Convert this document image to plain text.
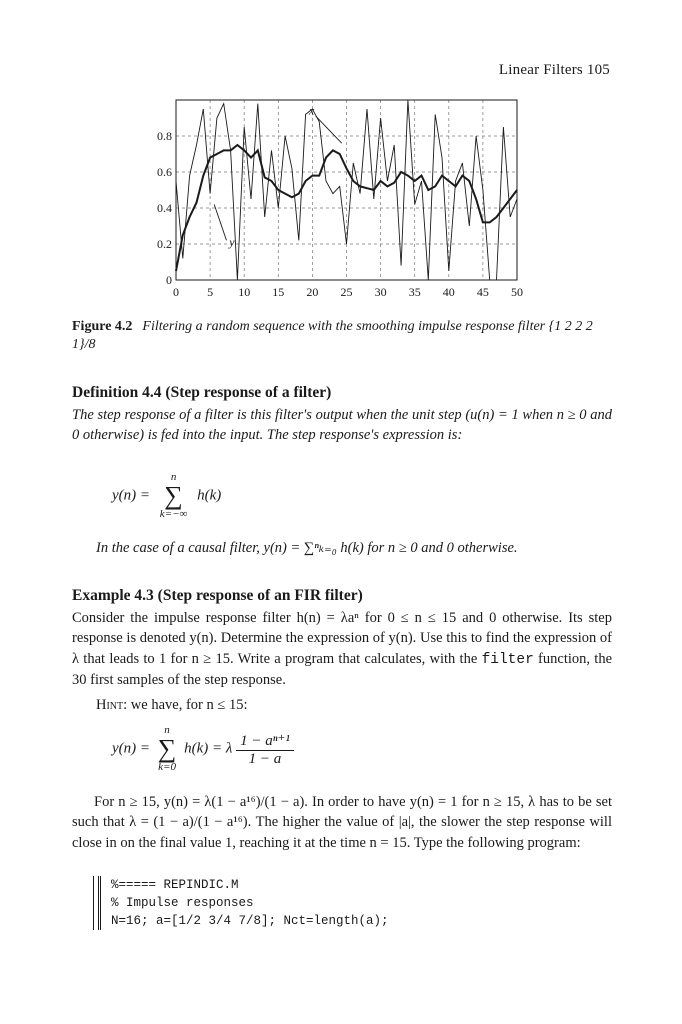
Linear Filters 105
0
0.2
0.4
0.6
0.8
0 5 10 15 20 25 30 35 40 45 50
x
y
Figure 4.2 Filtering a random sequence with the smoothing impulse response filter {1 2 2 2 1}/8
Definition 4.4 (Step response of a filter)
The step response of a filter is this filter's output when the unit step (u(n) = 1 when n ≥ 0 and 0 otherwise) is fed into the input. The step response's expression is:
y(n) =
n
∑
k=−∞
h(k)
In the case of a causal filter, y(n) = ∑ⁿₖ₌₀ h(k) for n ≥ 0 and 0 otherwise.
Example 4.3 (Step response of an FIR filter)
Consider the impulse response filter h(n) = λaⁿ for 0 ≤ n ≤ 15 and 0 otherwise. Its step response is denoted y(n). Determine the expression of y(n). Use this to find the expression of λ that leads to 1 for n ≥ 15. Write a program that calculates, with the filter function, the 30 first samples of the step response.
Hint: we have, for n ≤ 15:
y(n) =
n
∑
k=0
h(k) = λ $\frac{\text{1 − aⁿ⁺¹}}{1 - a}$
For n ≥ 15, y(n) = λ(1 − a¹⁶)/(1 − a). In order to have y(n) = 1 for n ≥ 15, λ has to be set such that λ = (1 − a)/(1 − a¹⁶). The higher the value of |a|, the slower the step response will close in on the final value 1, reaching it at the time n = 15. Type the following program:
%===== REPINDIC.M
% Impulse responses
N=16; a=[1/2 3/4 7/8]; Nct=length(a);
